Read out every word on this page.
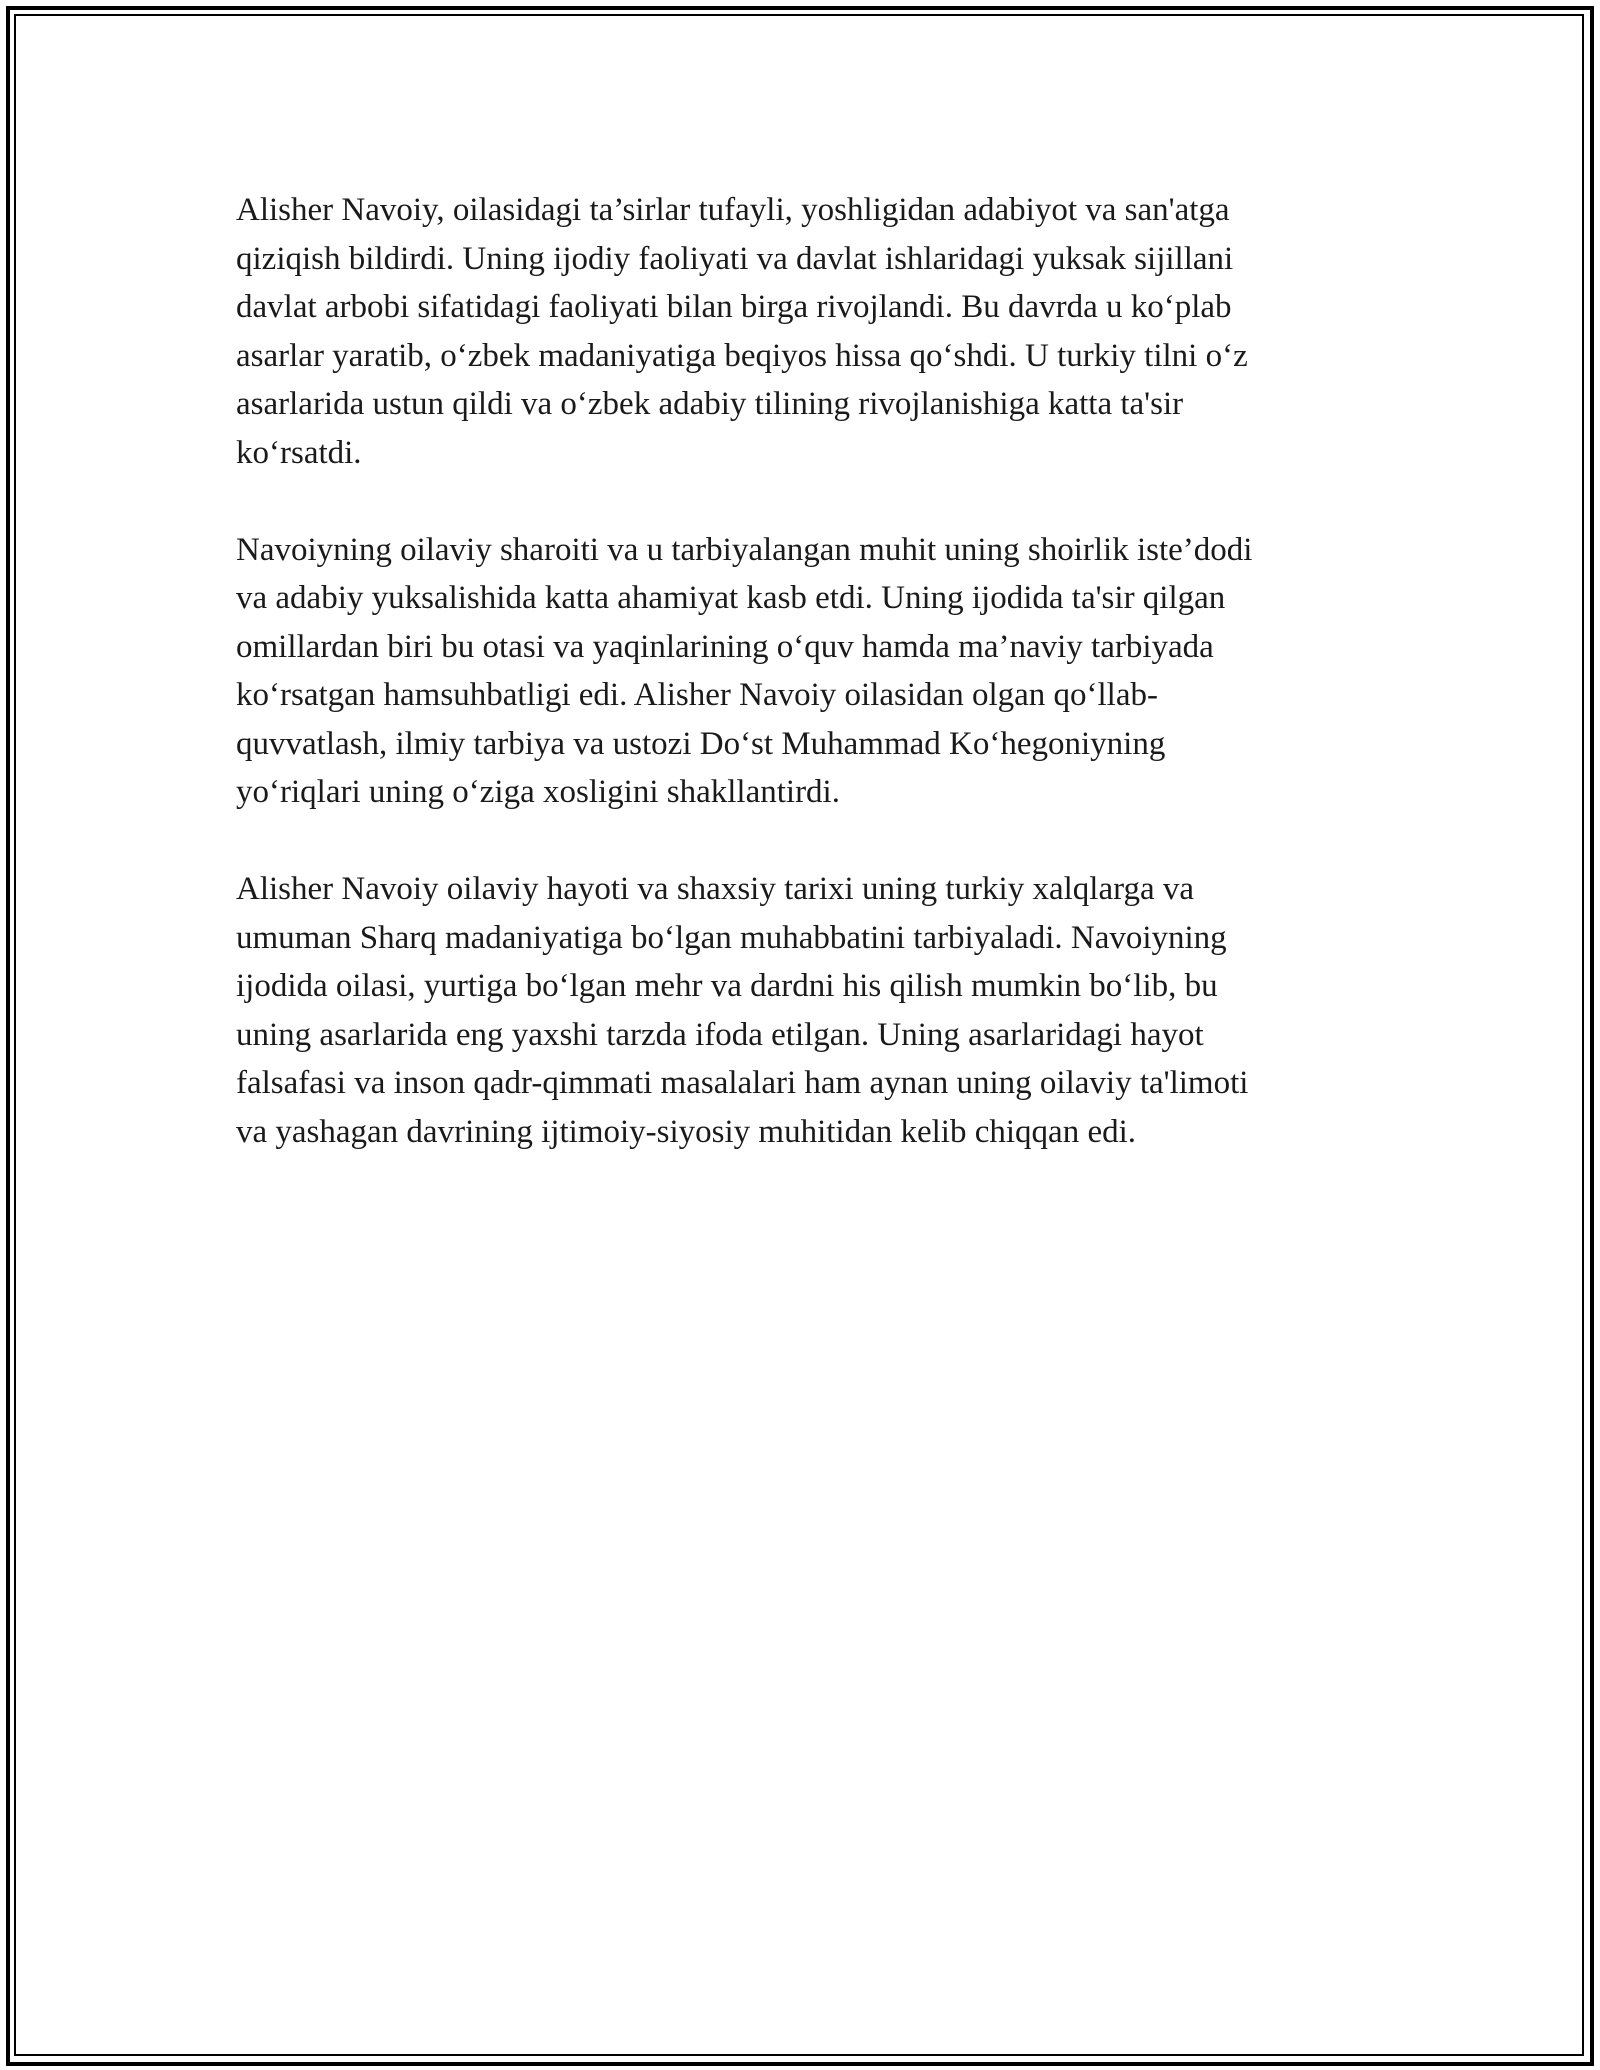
Alisher Navoiy, oilasidagi ta’sirlar tufayli, yoshligidan adabiyot va san'atga
qiziqish bildirdi. Uning ijodiy faoliyati va davlat ishlaridagi yuksak sijillani
davlat arbobi sifatidagi faoliyati bilan birga rivojlandi. Bu davrda u ko‘plab
asarlar yaratib, o‘zbek madaniyatiga beqiyos hissa qo‘shdi. U turkiy tilni o‘z
asarlarida ustun qildi va o‘zbek adabiy tilining rivojlanishiga katta ta'sir
ko‘rsatdi.

Navoiyning oilaviy sharoiti va u tarbiyalangan muhit uning shoirlik iste’dodi
va adabiy yuksalishida katta ahamiyat kasb etdi. Uning ijodida ta'sir qilgan
omillardan biri bu otasi va yaqinlarining o‘quv hamda ma’naviy tarbiyada
ko‘rsatgan hamsuhbatligi edi. Alisher Navoiy oilasidan olgan qo‘llab-
quvvatlash, ilmiy tarbiya va ustozi Do‘st Muhammad Ko‘hegoniyning
yo‘riqlari uning o‘ziga xosligini shakllantirdi.

Alisher Navoiy oilaviy hayoti va shaxsiy tarixi uning turkiy xalqlarga va
umuman Sharq madaniyatiga bo‘lgan muhabbatini tarbiyaladi. Navoiyning
ijodida oilasi, yurtiga bo‘lgan mehr va dardni his qilish mumkin bo‘lib, bu
uning asarlarida eng yaxshi tarzda ifoda etilgan. Uning asarlaridagi hayot
falsafasi va inson qadr-qimmati masalalari ham aynan uning oilaviy ta'limoti
va yashagan davrining ijtimoiy-siyosiy muhitidan kelib chiqqan edi.
